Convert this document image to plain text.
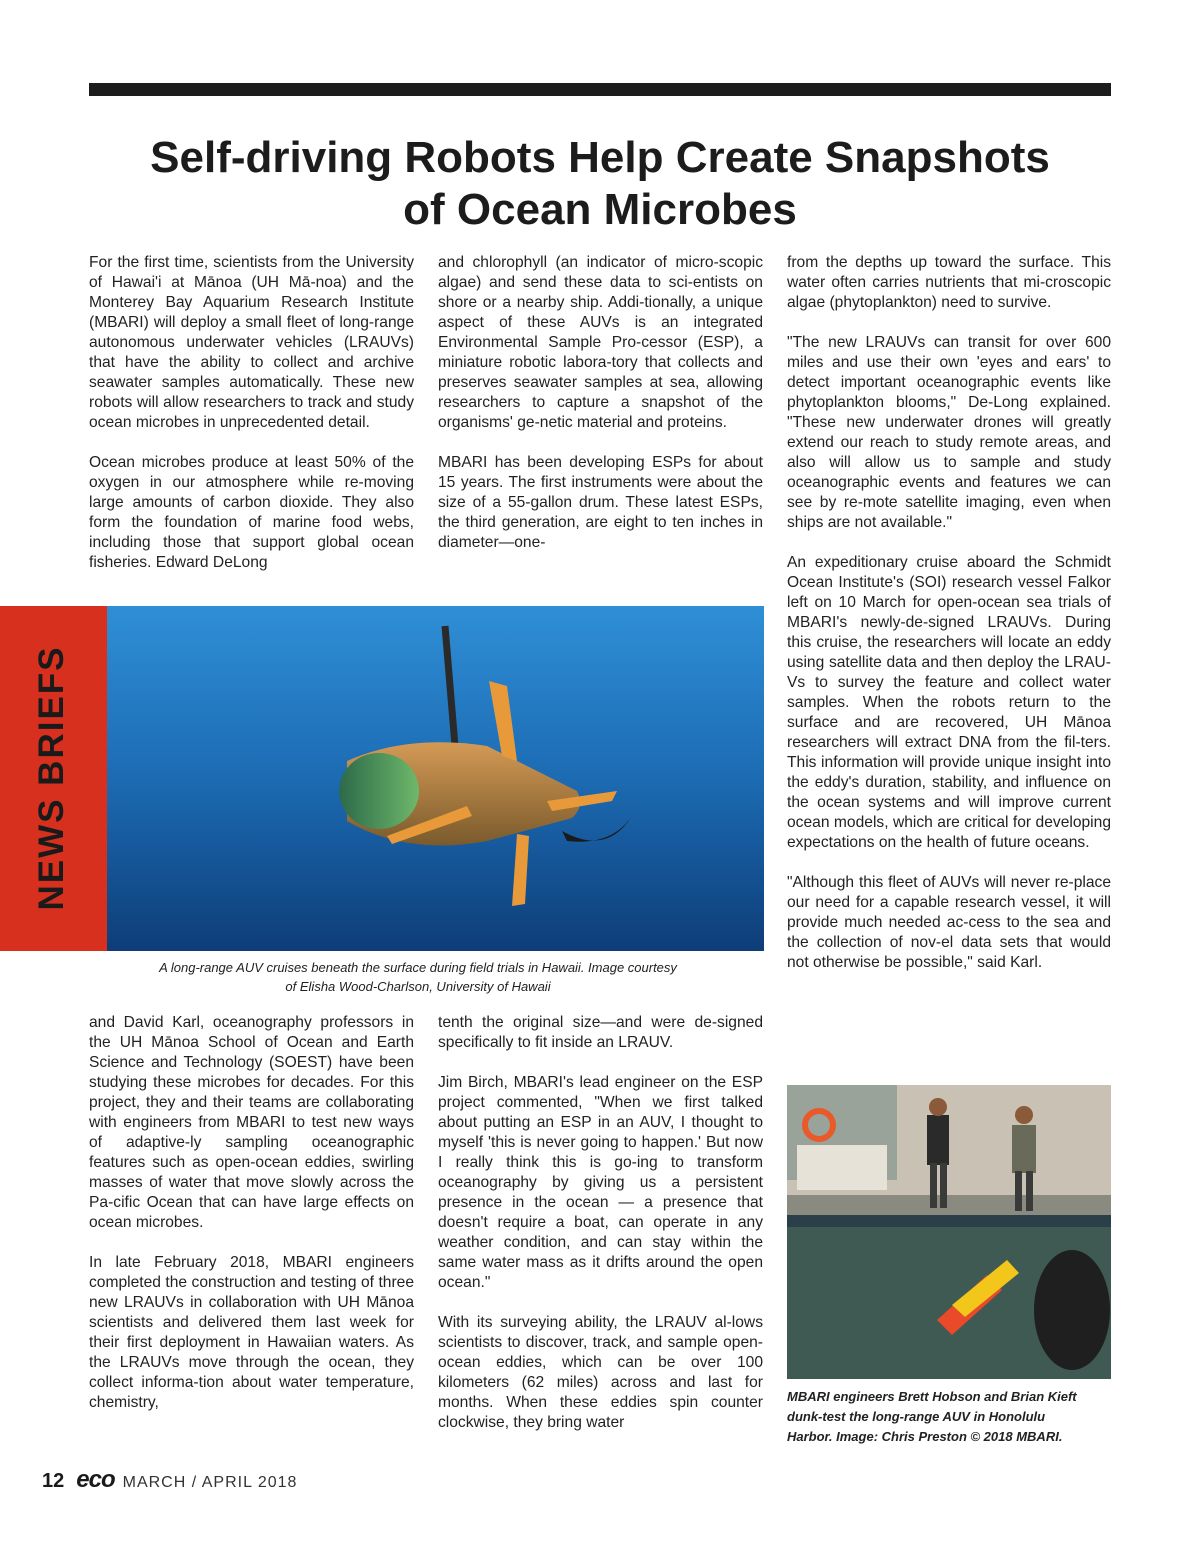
Self-driving Robots Help Create Snapshots
of Ocean Microbes

For the first time, scientists from the University of Hawai'i at Mānoa (UH Mā-noa) and the Monterey Bay Aquarium Research Institute (MBARI) will deploy a small fleet of long-range autonomous underwater vehicles (LRAUVs) that have the ability to collect and archive seawater samples automatically. These new robots will allow researchers to track and study ocean microbes in unprecedented detail.

Ocean microbes produce at least 50% of the oxygen in our atmosphere while re-moving large amounts of carbon dioxide. They also form the foundation of marine food webs, including those that support global ocean fisheries. Edward DeLong

and chlorophyll (an indicator of micro-scopic algae) and send these data to sci-entists on shore or a nearby ship. Addi-tionally, a unique aspect of these AUVs is an integrated Environmental Sample Pro-cessor (ESP), a miniature robotic labora-tory that collects and preserves seawater samples at sea, allowing researchers to capture a snapshot of the organisms' ge-netic material and proteins.

MBARI has been developing ESPs for about 15 years. The first instruments were about the size of a 55-gallon drum. These latest ESPs, the third generation, are eight to ten inches in diameter—one-

from the depths up toward the surface. This water often carries nutrients that mi-croscopic algae (phytoplankton) need to survive.

"The new LRAUVs can transit for over 600 miles and use their own 'eyes and ears' to detect important oceanographic events like phytoplankton blooms," De-Long explained. "These new underwater drones will greatly extend our reach to study remote areas, and also will allow us to sample and study oceanographic events and features we can see by re-mote satellite imaging, even when ships are not available."

An expeditionary cruise aboard the Schmidt Ocean Institute's (SOI) research vessel Falkor left on 10 March for open-ocean sea trials of MBARI's newly-de-signed LRAUVs. During this cruise, the researchers will locate an eddy using satellite data and then deploy the LRAU-Vs to survey the feature and collect water samples. When the robots return to the surface and are recovered, UH Mānoa researchers will extract DNA from the fil-ters. This information will provide unique insight into the eddy's duration, stability, and influence on the ocean systems and will improve current ocean models, which are critical for developing expectations on the health of future oceans.

"Although this fleet of AUVs will never re-place our need for a capable research vessel, it will provide much needed ac-cess to the sea and the collection of nov-el data sets that would not otherwise be possible," said Karl.

NEWS BRIEFS
A long-range AUV cruises beneath the surface during field trials in Hawaii. Image courtesy
of Elisha Wood-Charlson, University of Hawaii

and David Karl, oceanography professors in the UH Mānoa School of Ocean and Earth Science and Technology (SOEST) have been studying these microbes for decades. For this project, they and their teams are collaborating with engineers from MBARI to test new ways of adaptive-ly sampling oceanographic features such as open-ocean eddies, swirling masses of water that move slowly across the Pa-cific Ocean that can have large effects on ocean microbes.

In late February 2018, MBARI engineers completed the construction and testing of three new LRAUVs in collaboration with UH Mānoa scientists and delivered them last week for their first deployment in Hawaiian waters. As the LRAUVs move through the ocean, they collect informa-tion about water temperature, chemistry,

tenth the original size—and were de-signed specifically to fit inside an LRAUV.

Jim Birch, MBARI's lead engineer on the ESP project commented, "When we first talked about putting an ESP in an AUV, I thought to myself 'this is never going to happen.' But now I really think this is go-ing to transform oceanography by giving us a persistent presence in the ocean — a presence that doesn't require a boat, can operate in any weather condition, and can stay within the same water mass as it drifts around the open ocean."

With its surveying ability, the LRAUV al-lows scientists to discover, track, and sample open-ocean eddies, which can be over 100 kilometers (62 miles) across and last for months. When these eddies spin counter clockwise, they bring water

MBARI engineers Brett Hobson and Brian Kieft
dunk-test the long-range AUV in Honolulu
Harbor. Image: Chris Preston © 2018 MBARI.
12 eco MARCH / APRIL 2018
